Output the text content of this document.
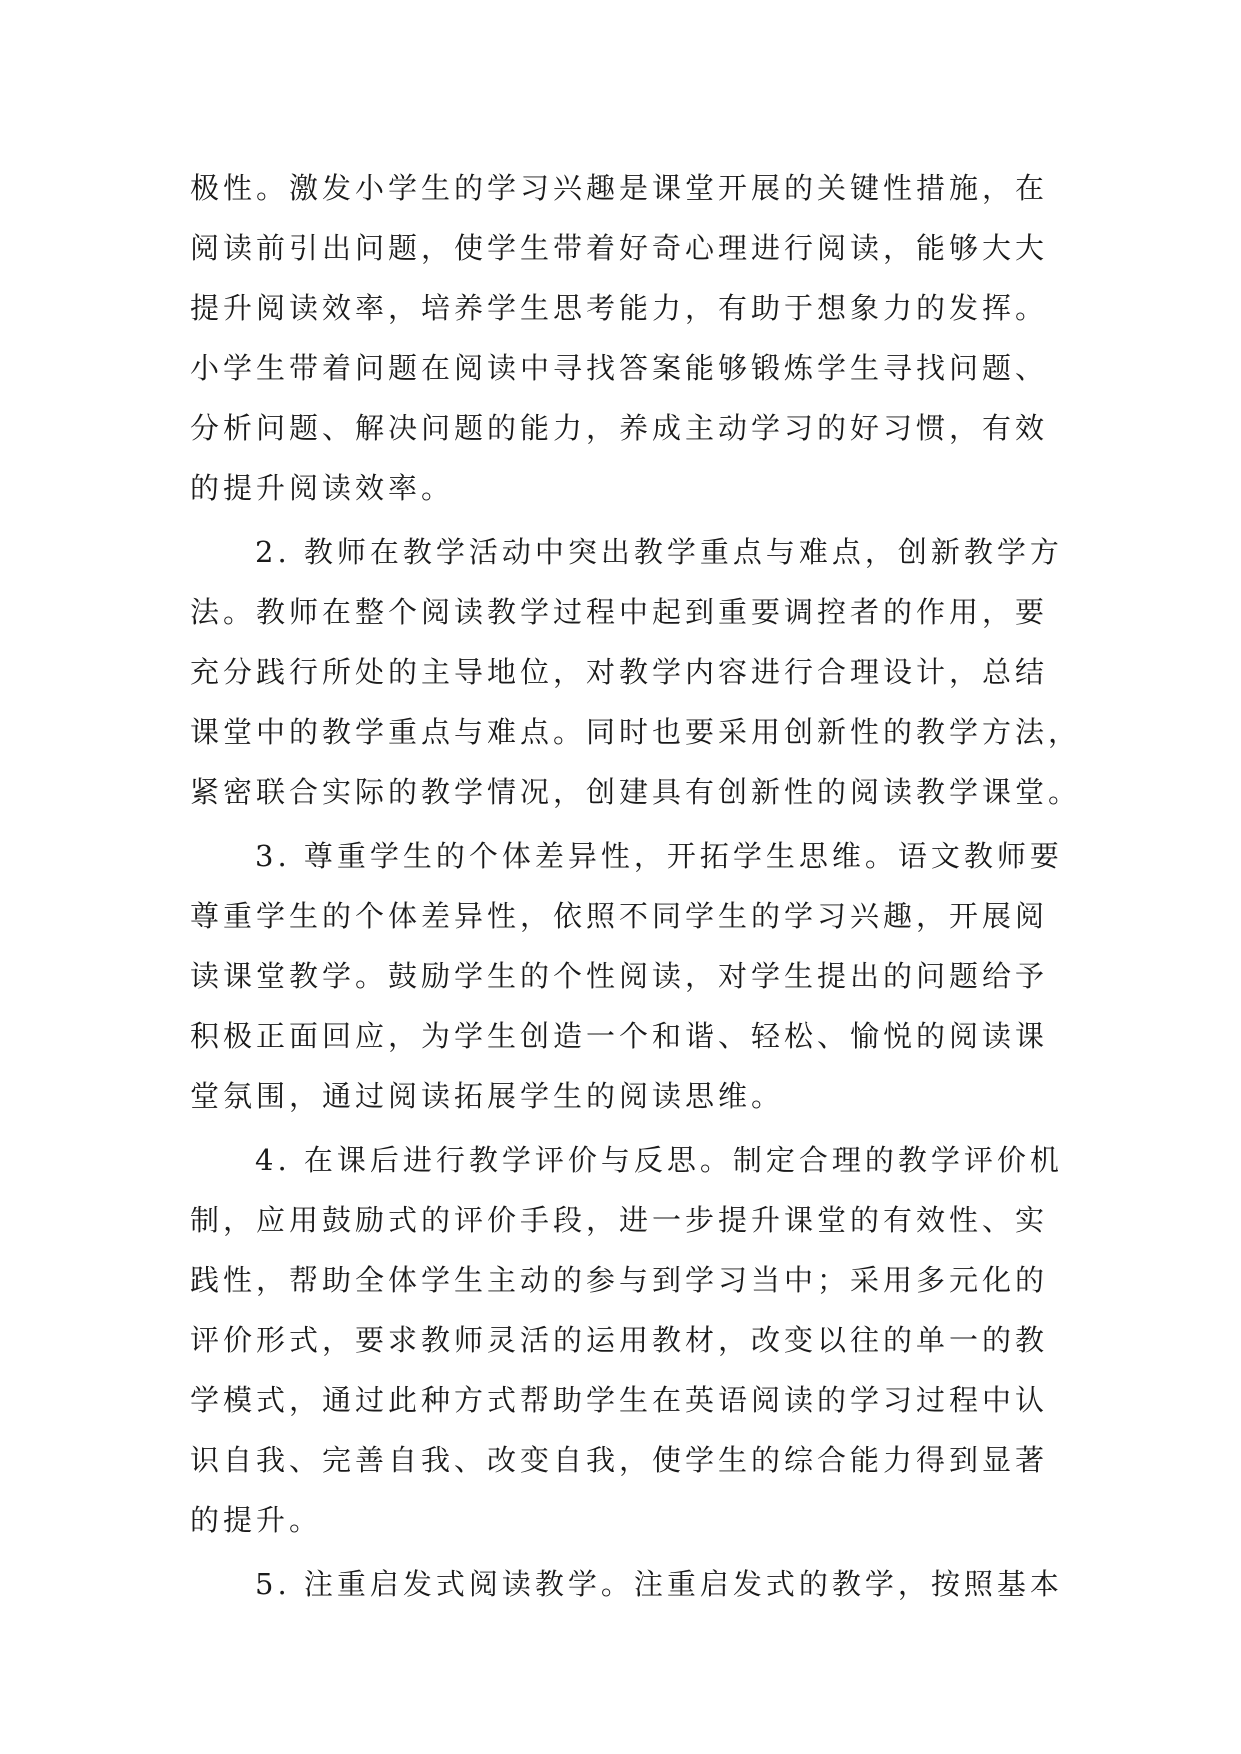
极性。激发小学生的学习兴趣是课堂开展的关键性措施，在
阅读前引出问题，使学生带着好奇心理进行阅读，能够大大
提升阅读效率，培养学生思考能力，有助于想象力的发挥。
小学生带着问题在阅读中寻找答案能够锻炼学生寻找问题、
分析问题、解决问题的能力，养成主动学习的好习惯，有效
的提升阅读效率。
2. 教师在教学活动中突出教学重点与难点，创新教学方
法。教师在整个阅读教学过程中起到重要调控者的作用，要
充分践行所处的主导地位，对教学内容进行合理设计，总结
课堂中的教学重点与难点。同时也要采用创新性的教学方法，
紧密联合实际的教学情况，创建具有创新性的阅读教学课堂。
3. 尊重学生的个体差异性，开拓学生思维。语文教师要
尊重学生的个体差异性，依照不同学生的学习兴趣，开展阅
读课堂教学。鼓励学生的个性阅读，对学生提出的问题给予
积极正面回应，为学生创造一个和谐、轻松、愉悦的阅读课
堂氛围，通过阅读拓展学生的阅读思维。
4. 在课后进行教学评价与反思。制定合理的教学评价机
制，应用鼓励式的评价手段，进一步提升课堂的有效性、实
践性，帮助全体学生主动的参与到学习当中；采用多元化的
评价形式，要求教师灵活的运用教材，改变以往的单一的教
学模式，通过此种方式帮助学生在英语阅读的学习过程中认
识自我、完善自我、改变自我，使学生的综合能力得到显著
的提升。
5. 注重启发式阅读教学。注重启发式的教学，按照基本
